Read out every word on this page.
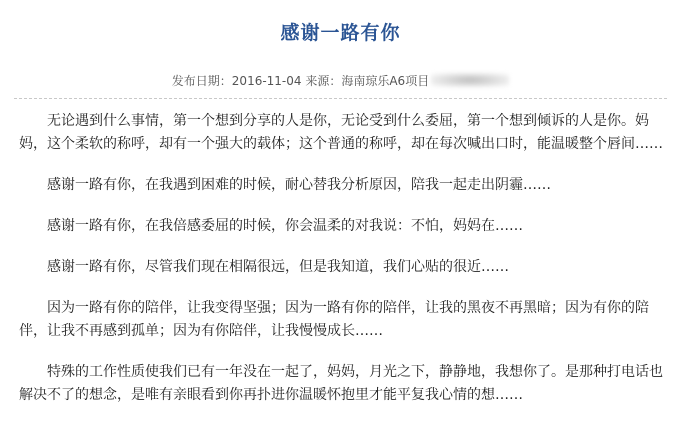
感谢一路有你
发布日期：2016-11-04 来源：海南琼乐A6项目

无论遇到什么事情，第一个想到分享的人是你，无论受到什么委屈，第一个想到倾诉的人是你。妈妈，这个柔软的称呼，却有一个强大的载体；这个普通的称呼，却在每次喊出口时，能温暖整个唇间……

感谢一路有你，在我遇到困难的时候，耐心替我分析原因，陪我一起走出阴霾……

感谢一路有你，在我倍感委屈的时候，你会温柔的对我说：不怕，妈妈在……

感谢一路有你，尽管我们现在相隔很远，但是我知道，我们心贴的很近……

因为一路有你的陪伴，让我变得坚强；因为一路有你的陪伴，让我的黑夜不再黑暗；因为有你的陪伴，让我不再感到孤单；因为有你陪伴，让我慢慢成长……

特殊的工作性质使我们已有一年没在一起了，妈妈，月光之下，静静地，我想你了。是那种打电话也解决不了的想念，是唯有亲眼看到你再扑进你温暖怀抱里才能平复我心情的想……
